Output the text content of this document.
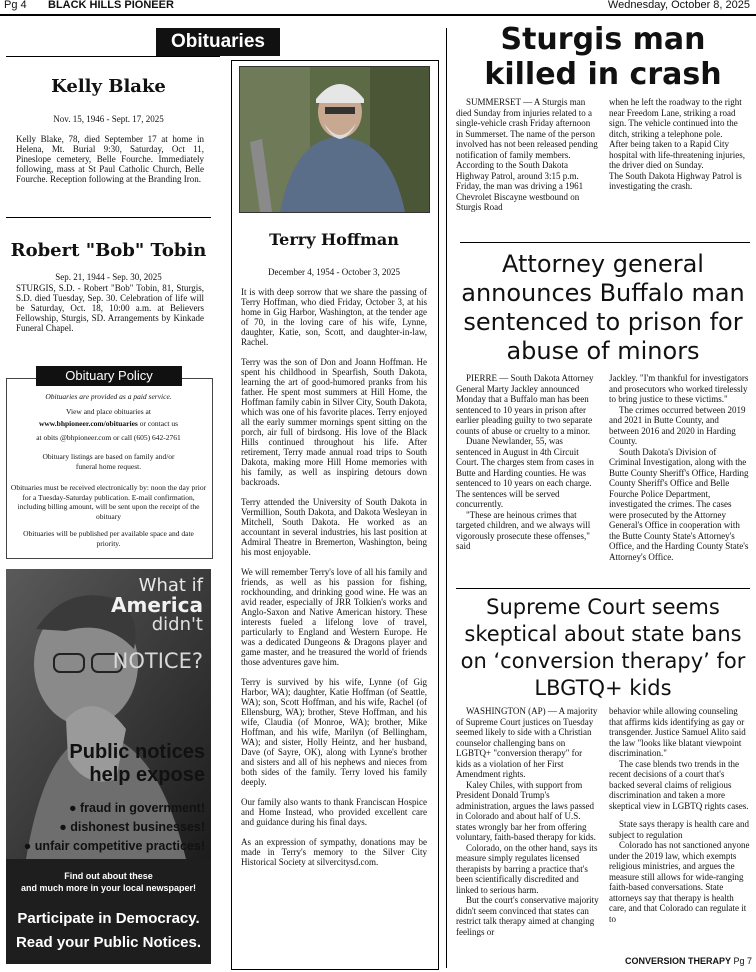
Pg 4 BLACK HILLS PIONEER	Wednesday, October 8, 2025
Obituaries
Kelly Blake
Nov. 15, 1946 - Sept. 17, 2025
Kelly Blake, 78, died September 17 at home in Helena, Mt. Burial 9:30, Saturday, Oct 11, Pineslope cemetery, Belle Fourche. Immediately following, mass at St Paul Catholic Church, Belle Fourche. Reception following at the Branding Iron.
Robert "Bob" Tobin
Sep. 21, 1944 - Sep. 30, 2025
STURGIS, S.D. - Robert "Bob" Tobin, 81, Sturgis, S.D. died Tuesday, Sep. 30. Celebration of life will be Saturday, Oct. 18, 10:00 a.m. at Believers Fellowship, Sturgis, SD. Arrangements by Kinkade Funeral Chapel.
Obituary Policy
Obituaries are provided as a paid service.
View and place obituaries at
www.bhpioneer.com/obituaries or contact us
at obits @bhpioneer.com or call (605) 642-2761
Obituary listings are based on family and/or funeral home request.
Obituaries must be received electronically by: noon the day prior for a Tuesday-Saturday publication. E-mail confirmation, including billing amount, will be sent upon the receipt of the obituary
Obituaries will be published per available space and date priority.
What if
America
didn't
NOTICE?
Public notices
help expose
● fraud in government!
● dishonest businesses!
● unfair competitive practices!
Find out about these
and much more in your local newspaper!
Participate in Democracy.
Read your Public Notices.
Terry Hoffman
December 4, 1954 - October 3, 2025

It is with deep sorrow that we share the passing of Terry Hoffman, who died Friday, October 3, at his home in Gig Harbor, Washington, at the tender age of 70, in the loving care of his wife, Lynne, daughter, Katie, son, Scott, and daughter-in-law, Rachel.

Terry was the son of Don and Joann Hoffman. He spent his childhood in Spearfish, South Dakota, learning the art of good-humored pranks from his father. He spent most summers at Hill Home, the Hoffman family cabin in Silver City, South Dakota, which was one of his favorite places. Terry enjoyed all the early summer mornings spent sitting on the porch, air full of birdsong. His love of the Black Hills continued throughout his life. After retirement, Terry made annual road trips to South Dakota, making more Hill Home memories with his family, as well as inspiring detours down backroads.

Terry attended the University of South Dakota in Vermillion, South Dakota, and Dakota Wesleyan in Mitchell, South Dakota. He worked as an accountant in several industries, his last position at Admiral Theatre in Bremerton, Washington, being his most enjoyable.

We will remember Terry's love of all his family and friends, as well as his passion for fishing, rockhounding, and drinking good wine. He was an avid reader, especially of JRR Tolkien's works and Anglo-Saxon and Native American history. These interests fueled a lifelong love of travel, particularly to England and Western Europe. He was a dedicated Dungeons & Dragons player and game master, and he treasured the world of friends those adventures gave him.

Terry is survived by his wife, Lynne (of Gig Harbor, WA); daughter, Katie Hoffman (of Seattle, WA); son, Scott Hoffman, and his wife, Rachel (of Ellensburg, WA); brother, Steve Hoffman, and his wife, Claudia (of Monroe, WA); brother, Mike Hoffman, and his wife, Marilyn (of Bellingham, WA); and sister, Holly Heintz, and her husband, Dave (of Sayre, OK), along with Lynne's brother and sisters and all of his nephews and nieces from both sides of the family. Terry loved his family deeply.

Our family also wants to thank Franciscan Hospice and Home Instead, who provided excellent care and guidance during his final days.

As an expression of sympathy, donations may be made in Terry's memory to the Silver City Historical Society at silvercitysd.com.

Sturgis man
killed in crash

SUMMERSET — A Sturgis man died Sunday from injuries related to a single-vehicle crash Friday afternoon in Summerset. The name of the person involved has not been released pending notification of family members.

According to the South Dakota Highway Patrol, around 3:15 p.m. Friday, the man was driving a 1961 Chevrolet Biscayne westbound on Sturgis Road

when he left the roadway to the right near Freedom Lane, striking a road sign. The vehicle continued into the ditch, striking a telephone pole.

After being taken to a Rapid City hospital with life-threatening injuries, the driver died on Sunday.

The South Dakota Highway Patrol is investigating the crash.

Attorney general
announces Buffalo man
sentenced to prison for
abuse of minors

PIERRE — South Dakota Attorney General Marty Jackley announced Monday that a Buffalo man has been sentenced to 10 years in prison after earlier pleading guilty to two separate counts of abuse or cruelty to a minor.

Duane Newlander, 55, was sentenced in August in 4th Circuit Court. The charges stem from cases in Butte and Harding counties. He was sentenced to 10 years on each charge. The sentences will be served concurrently.

"These are heinous crimes that targeted children, and we always will vigorously prosecute these offenses," said

Jackley. "I'm thankful for investigators and prosecutors who worked tirelessly to bring justice to these victims."

The crimes occurred between 2019 and 2021 in Butte County, and between 2016 and 2020 in Harding County.

South Dakota's Division of Criminal Investigation, along with the Butte County Sheriff's Office, Harding County Sheriff's Office and Belle Fourche Police Department, investigated the crimes. The cases were prosecuted by the Attorney General's Office in cooperation with the Butte County State's Attorney's Office, and the Harding County State's Attorney's Office.

Supreme Court seems
skeptical about state bans
on ‘conversion therapy’ for
LBGTQ+ kids

WASHINGTON (AP) — A majority of Supreme Court justices on Tuesday seemed likely to side with a Christian counselor challenging bans on LGBTQ+ "conversion therapy" for kids as a violation of her First Amendment rights.

Kaley Chiles, with support from President Donald Trump's administration, argues the laws passed in Colorado and about half of U.S. states wrongly bar her from offering voluntary, faith-based therapy for kids.

Colorado, on the other hand, says its measure simply regulates licensed therapists by barring a practice that's been scientifically discredited and linked to serious harm.

But the court's conservative majority didn't seem convinced that states can restrict talk therapy aimed at changing feelings or

behavior while allowing counseling that affirms kids identifying as gay or transgender. Justice Samuel Alito said the law "looks like blatant viewpoint discrimination."

The case blends two trends in the recent decisions of a court that's backed several claims of religious discrimination and taken a more skeptical view in LGBTQ rights cases.

State says therapy is health care and subject to regulation

Colorado has not sanctioned anyone under the 2019 law, which exempts religious ministries, and argues the measure still allows for wide-ranging faith-based conversations. State attorneys say that therapy is health care, and that Colorado can regulate it to

CONVERSION THERAPY Pg 7
